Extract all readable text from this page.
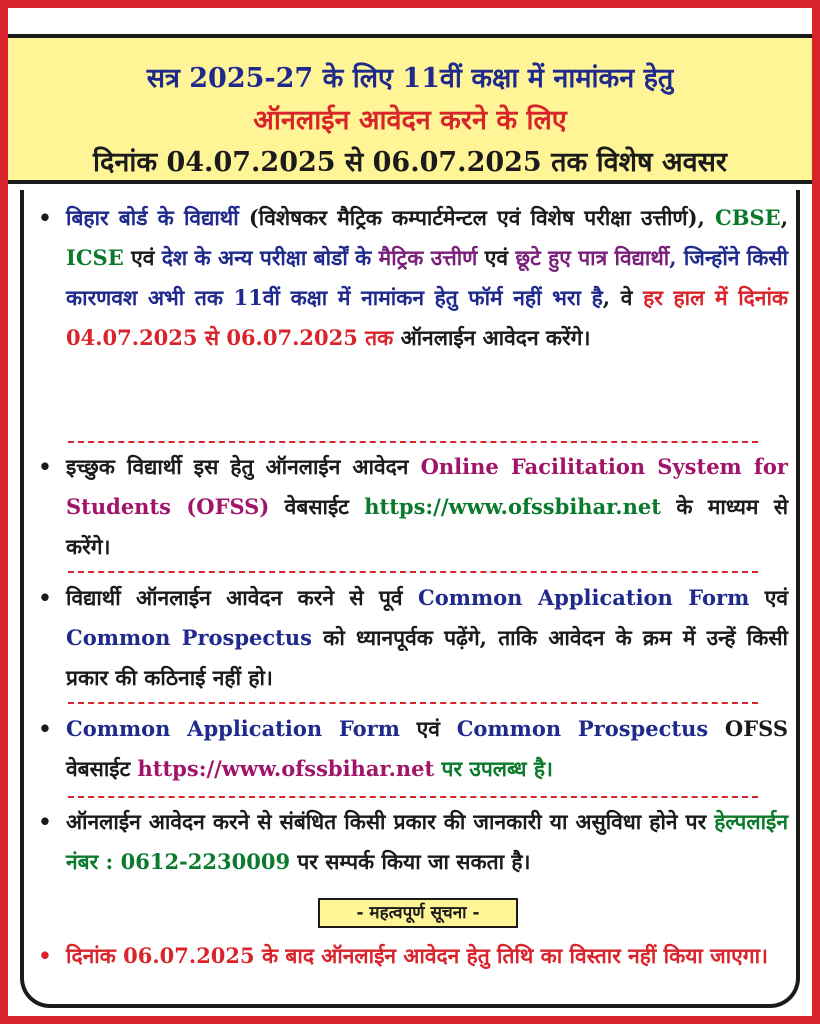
सत्र 2025-27 के लिए 11वीं कक्षा में नामांकन हेतु
ऑनलाईन आवेदन करने के लिए
दिनांक 04.07.2025 से 06.07.2025 तक विशेष अवसर
• बिहार बोर्ड के विद्यार्थी (विशेषकर मैट्रिक कम्पार्टमेन्टल एवं विशेष परीक्षा उत्तीर्ण), CBSE, ICSE एवं देश के अन्य परीक्षा बोर्डों के मैट्रिक उत्तीर्ण एवं छूटे हुए पात्र विद्यार्थी, जिन्होंने किसी कारणवश अभी तक 11वीं कक्षा में नामांकन हेतु फॉर्म नहीं भरा है, वे हर हाल में दिनांक 04.07.2025 से 06.07.2025 तक ऑनलाईन आवेदन करेंगे।
• इच्छुक विद्यार्थी इस हेतु ऑनलाईन आवेदन Online Facilitation System for Students (OFSS) वेबसाईट https://www.ofssbihar.net के माध्यम से करेंगे।
• विद्यार्थी ऑनलाईन आवेदन करने से पूर्व Common Application Form एवं Common Prospectus को ध्यानपूर्वक पढ़ेंगे, ताकि आवेदन के क्रम में उन्हें किसी प्रकार की कठिनाई नहीं हो।
• Common Application Form एवं Common Prospectus OFSS वेबसाईट https://www.ofssbihar.net पर उपलब्ध है।
• ऑनलाईन आवेदन करने से संबंधित किसी प्रकार की जानकारी या असुविधा होने पर हेल्पलाईन नंबर : 0612-2230009 पर सम्पर्क किया जा सकता है।
- महत्वपूर्ण सूचना -
• दिनांक 06.07.2025 के बाद ऑनलाईन आवेदन हेतु तिथि का विस्तार नहीं किया जाएगा।
